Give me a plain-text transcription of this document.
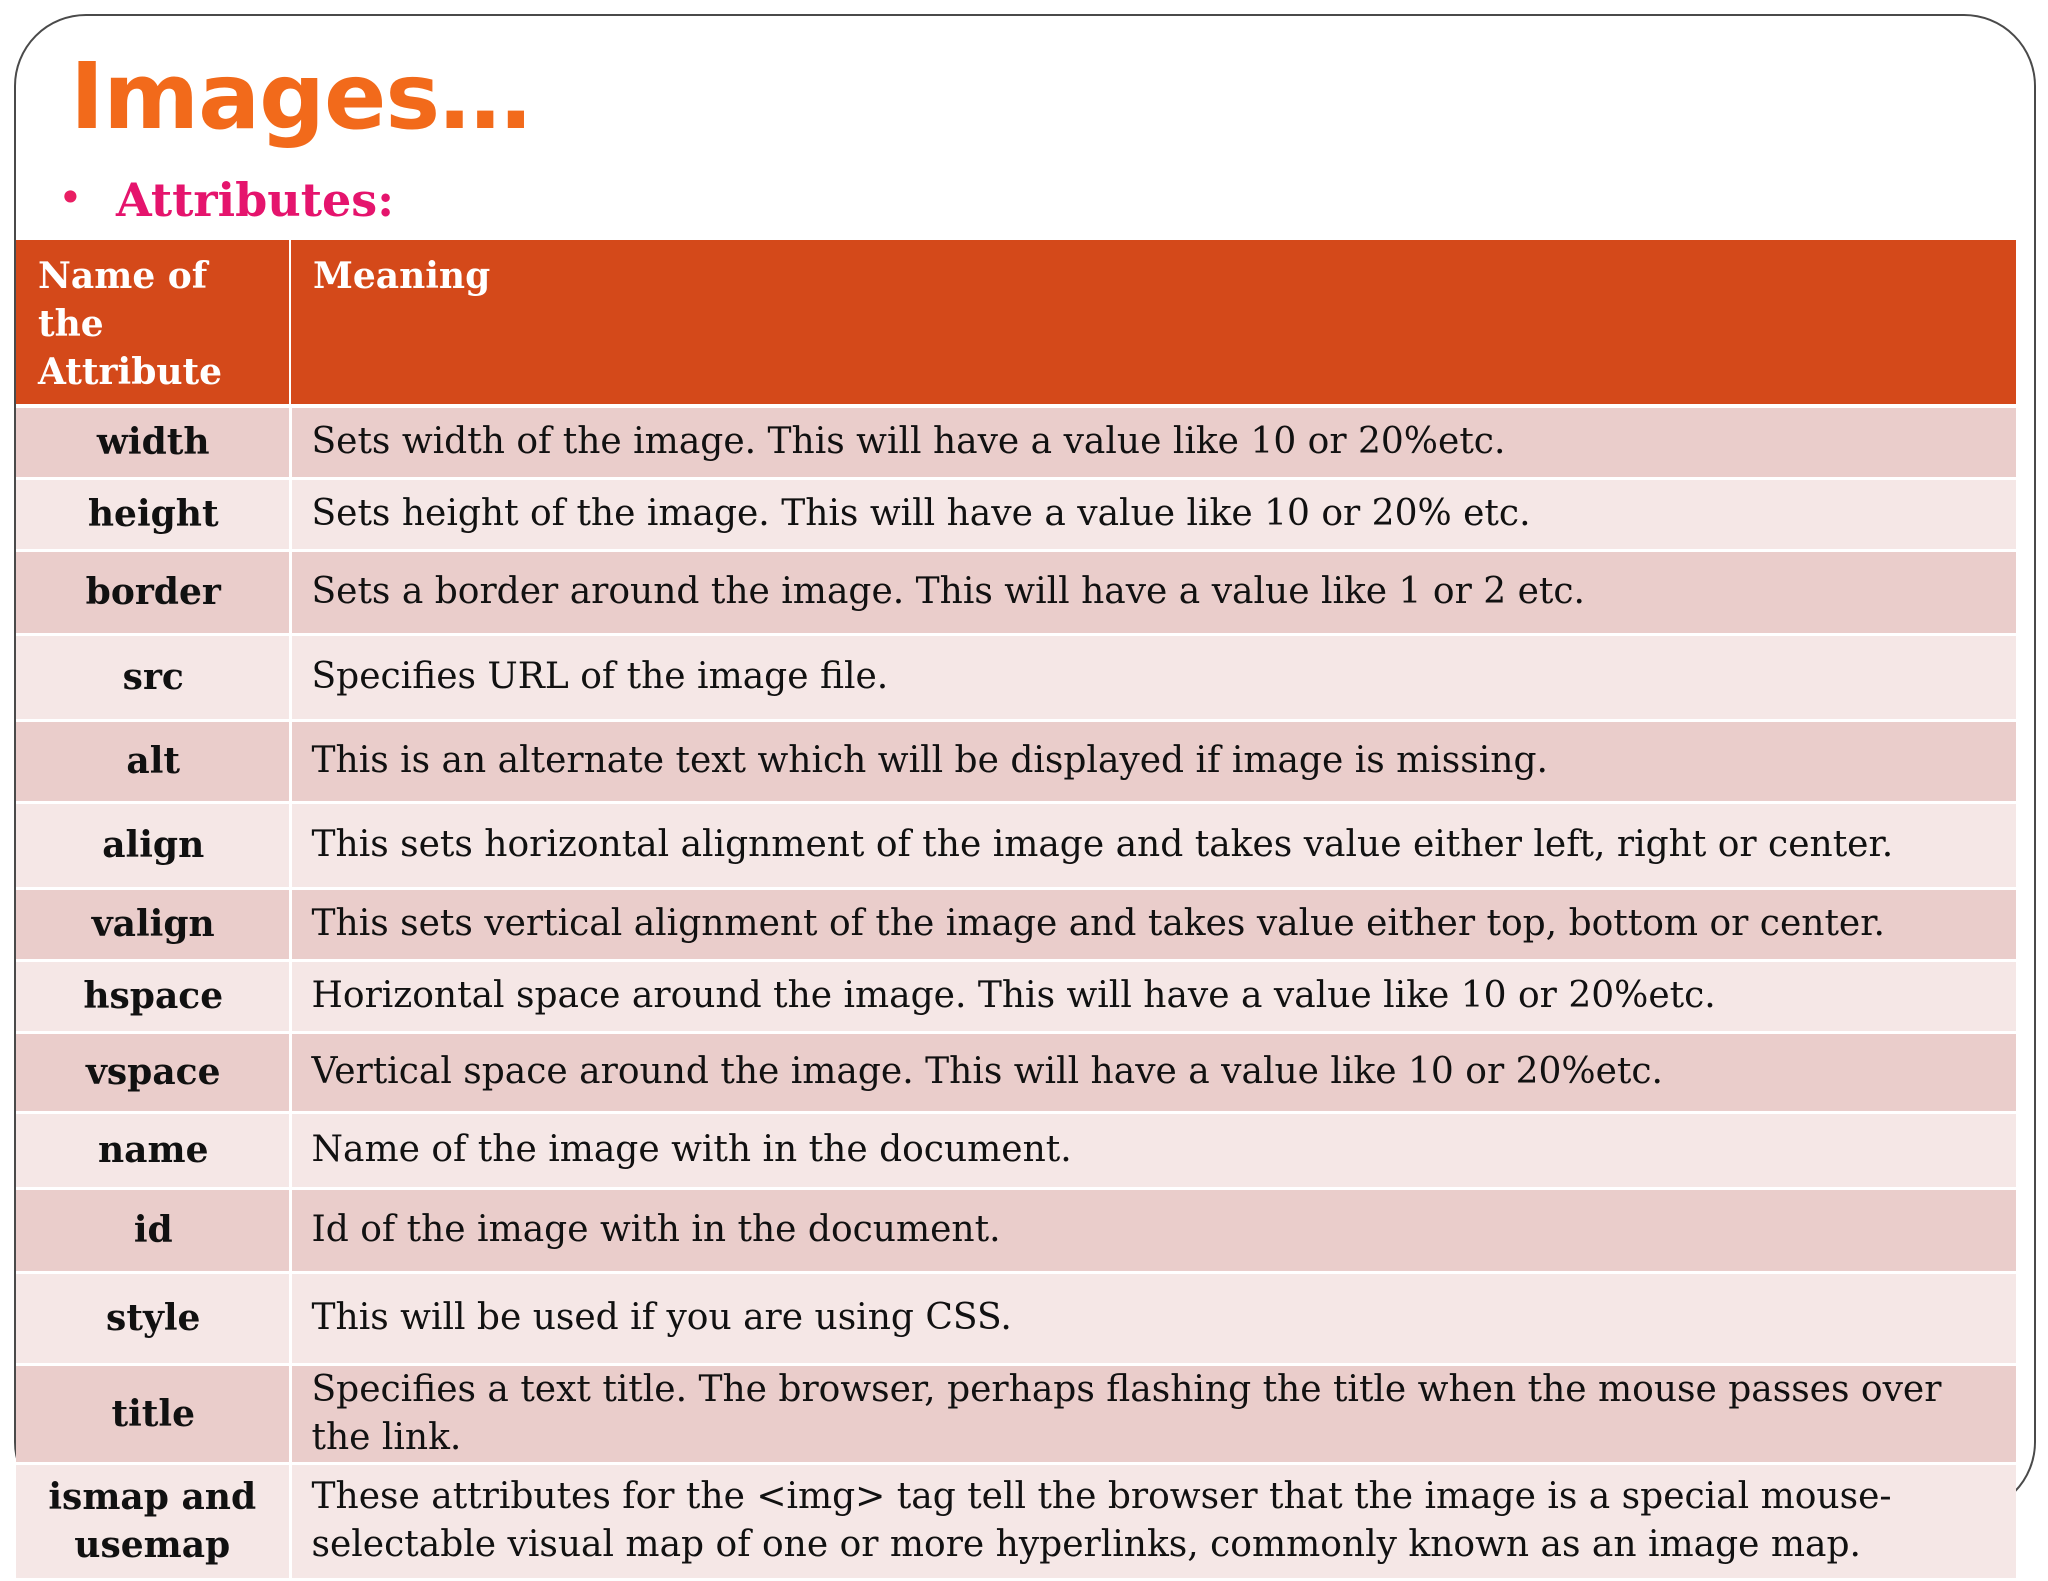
Images…
• Attributes:
Name of the Attribute	Meaning
width	Sets width of the image. This will have a value like 10 or 20%etc.
height	Sets height of the image. This will have a value like 10 or 20% etc.
border	Sets a border around the image. This will have a value like 1 or 2 etc.
src	Specifies URL of the image file.
alt	This is an alternate text which will be displayed if image is missing.
align	This sets horizontal alignment of the image and takes value either left, right or center.
valign	This sets vertical alignment of the image and takes value either top, bottom or center.
hspace	Horizontal space around the image. This will have a value like 10 or 20%etc.
vspace	Vertical space around the image. This will have a value like 10 or 20%etc.
name	Name of the image with in the document.
id	Id of the image with in the document.
style	This will be used if you are using CSS.
title	Specifies a text title. The browser, perhaps flashing the title when the mouse passes over the link.
ismap and usemap	These attributes for the <img> tag tell the browser that the image is a special mouse-selectable visual map of one or more hyperlinks, commonly known as an image map.
